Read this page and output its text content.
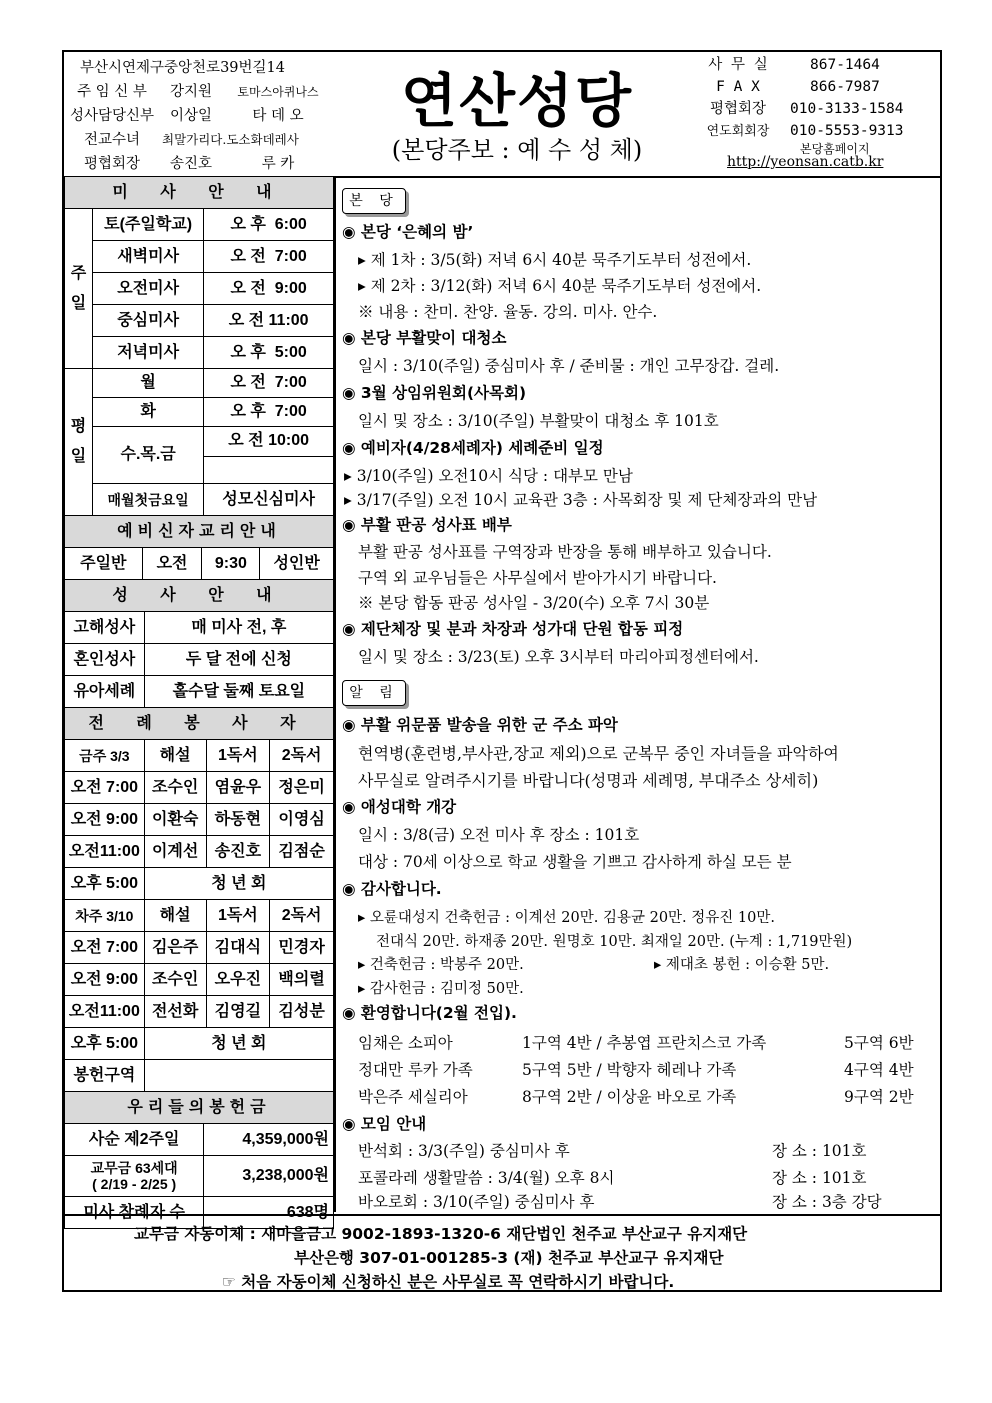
부산시연제구중앙천로39번길14
주 임 신 부 강지원 토마스아퀴나스
성사담당신부 이상일	타 데 오
전교수녀 최말가리다.도소화데레사
평협회장 송진호	루 카
연산성당
(본당주보 : 예 수 성 체)
사 무 실	867-1464
F A X	866-7987
평협회장 010-3133-1584
연도회회장 010-5553-9313
본당홈페이지
http://yeonsan.catb.kr
미 사 안 내		
주
일	토(주일학교)	오 후  6:00
	새벽미사	오 전  7:00
	오전미사	오 전  9:00
	중심미사	오 전 11:00
	저녁미사	오 후  5:00
평
일	월	오 전  7:00
	화	오 후  7:00
	수.목.금	오 전 10:00

	매월첫금요일	성모신심미사
예비신자교리안내
주일반	오전	9:30	성인반
성 사 안 내	
고해성사	매 미사 전, 후
혼인성사	두 달 전에 신청
유아세례	홀수달 둘째 토요일
전 례 봉 사 자			
금주 3/3	해설	1독서	2독서
오전 7:00	조수인	염윤우	정은미
오전 9:00	이환숙	하동현	이영심
오전11:00	이계선	송진호	김점순
오후 5:00	청 년 회		
차주 3/10	해설	1독서	2독서
오전 7:00	김은주	김대식	민경자
오전 9:00	조수인	오우진	백의렬
오전11:00	전선화	김영길	김성분
오후 5:00	청 년 회		
봉헌구역			
우리들의봉헌금	
사순 제2주일	4,359,000원
교무금 63세대
( 2/19 - 2/25 )	3,238,000원
미사 참례자 수	638명
본 당
◉ 본당 ‘은혜의 밤’
▸ 제 1차 : 3/5(화) 저녁 6시 40분 묵주기도부터 성전에서.
▸ 제 2차 : 3/12(화) 저녁 6시 40분 묵주기도부터 성전에서.
※ 내용 : 찬미. 찬양. 율동. 강의. 미사. 안수.
◉ 본당 부활맞이 대청소
일시 : 3/10(주일) 중심미사 후 / 준비물 : 개인 고무장갑. 걸레.
◉ 3월 상임위원회(사목회)
일시 및 장소 : 3/10(주일) 부활맞이 대청소 후 101호
◉ 예비자(4/28세례자) 세례준비 일정
▸ 3/10(주일) 오전10시 식당 : 대부모 만남
▸ 3/17(주일) 오전 10시 교육관 3층 : 사목회장 및 제 단체장과의 만남
◉ 부활 판공 성사표 배부
부활 판공 성사표를 구역장과 반장을 통해 배부하고 있습니다.
구역 외 교우님들은 사무실에서 받아가시기 바랍니다.
※ 본당 합동 판공 성사일 - 3/20(수) 오후 7시 30분
◉ 제단체장 및 분과 차장과 성가대 단원 합동 피정
일시 및 장소 : 3/23(토) 오후 3시부터 마리아피정센터에서.
알 림
◉ 부활 위문품 발송을 위한 군 주소 파악
현역병(훈련병,부사관,장교 제외)으로 군복무 중인 자녀들을 파악하여
사무실로 알려주시기를 바랍니다(성명과 세례명, 부대주소 상세히)
◉ 애성대학 개강
일시 : 3/8(금) 오전 미사 후 장소 : 101호
대상 : 70세 이상으로 학교 생활을 기쁘고 감사하게 하실 모든 분
◉ 감사합니다.
▸ 오륜대성지 건축헌금 : 이계선 20만. 김용균 20만. 정유진 10만.
전대식 20만. 하재종 20만. 원명호 10만. 최재일 20만. (누계 : 1,719만원)
▸ 건축헌금 : 박봉주 20만.	▸ 제대초 봉헌 : 이승환 5만.
▸ 감사헌금 : 김미정 50만.
◉ 환영합니다(2월 전입).
임채은 소피아	1구역 4반 / 추봉엽 프란치스코 가족	5구역 6반
정대만 루카 가족	5구역 5반 / 박향자 헤레나 가족	4구역 4반
박은주 세실리아	8구역 2반 / 이상윤 바오로 가족	9구역 2반
◉ 모임 안내
반석회 : 3/3(주일) 중심미사 후	장 소 : 101호
포콜라레 생활말씀 : 3/4(월) 오후 8시	장 소 : 101호
바오로회 : 3/10(주일) 중심미사 후	장 소 : 3층 강당
교무금 자동이체 : 새마을금고 9002-1893-1320-6 재단법인 천주교 부산교구 유지재단
부산은행 307-01-001285-3 (재) 천주교 부산교구 유지재단
☞ 처음 자동이체 신청하신 분은 사무실로 꼭 연락하시기 바랍니다.
